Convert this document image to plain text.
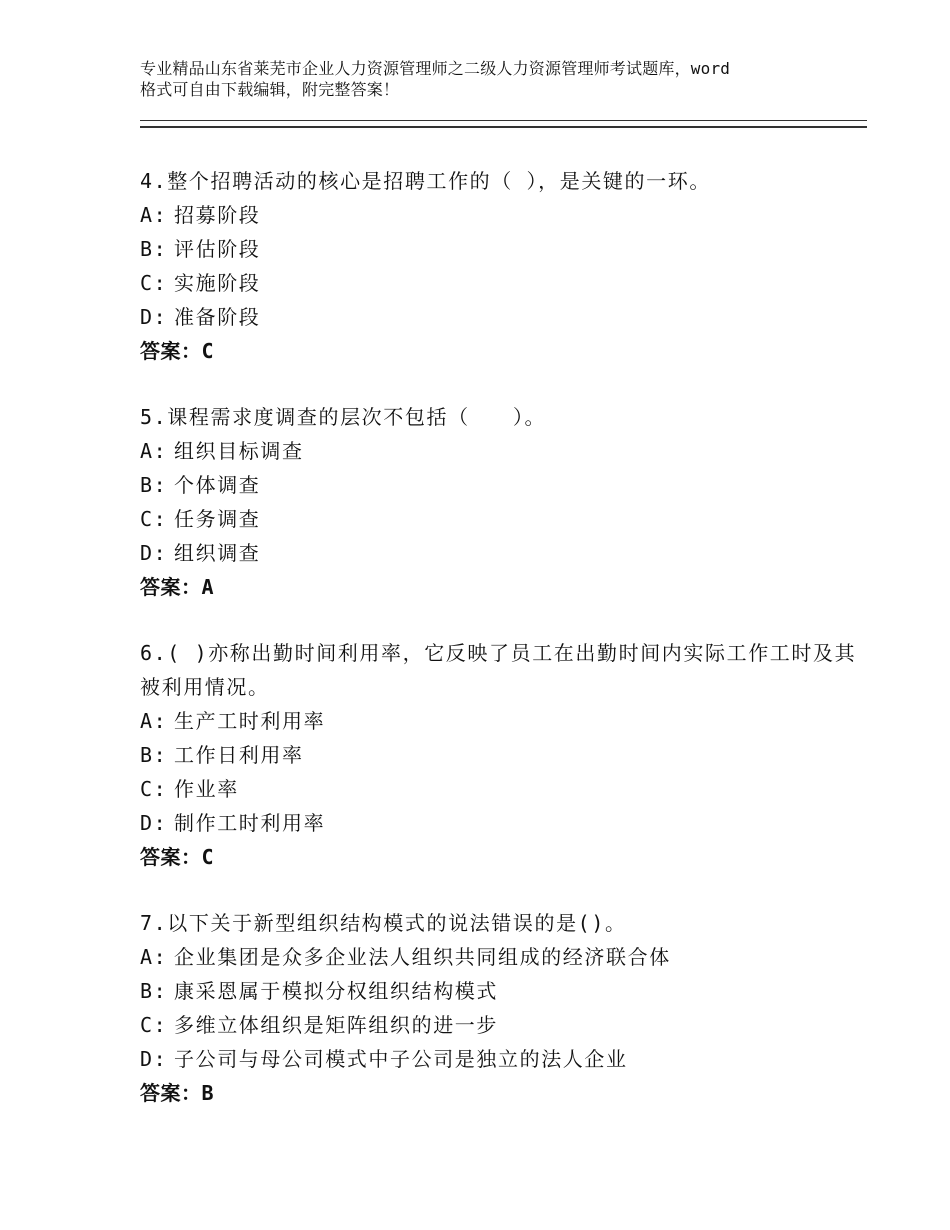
专业精品山东省莱芜市企业人力资源管理师之二级人力资源管理师考试题库，word
格式可自由下载编辑，附完整答案！

4.整个招聘活动的核心是招聘工作的（ ），是关键的一环。

A: 招募阶段

B: 评估阶段

C: 实施阶段

D: 准备阶段

答案：C

5.课程需求度调查的层次不包括（　　）。

A: 组织目标调查

B: 个体调查

C: 任务调查

D: 组织调查

答案：A

6.( )亦称出勤时间利用率，它反映了员工在出勤时间内实际工作工时及其被利用情况。

A: 生产工时利用率

B: 工作日利用率

C: 作业率

D: 制作工时利用率

答案：C

7.以下关于新型组织结构模式的说法错误的是()。

A: 企业集团是众多企业法人组织共同组成的经济联合体

B: 康采恩属于模拟分权组织结构模式

C: 多维立体组织是矩阵组织的进一步

D: 子公司与母公司模式中子公司是独立的法人企业

答案：B
